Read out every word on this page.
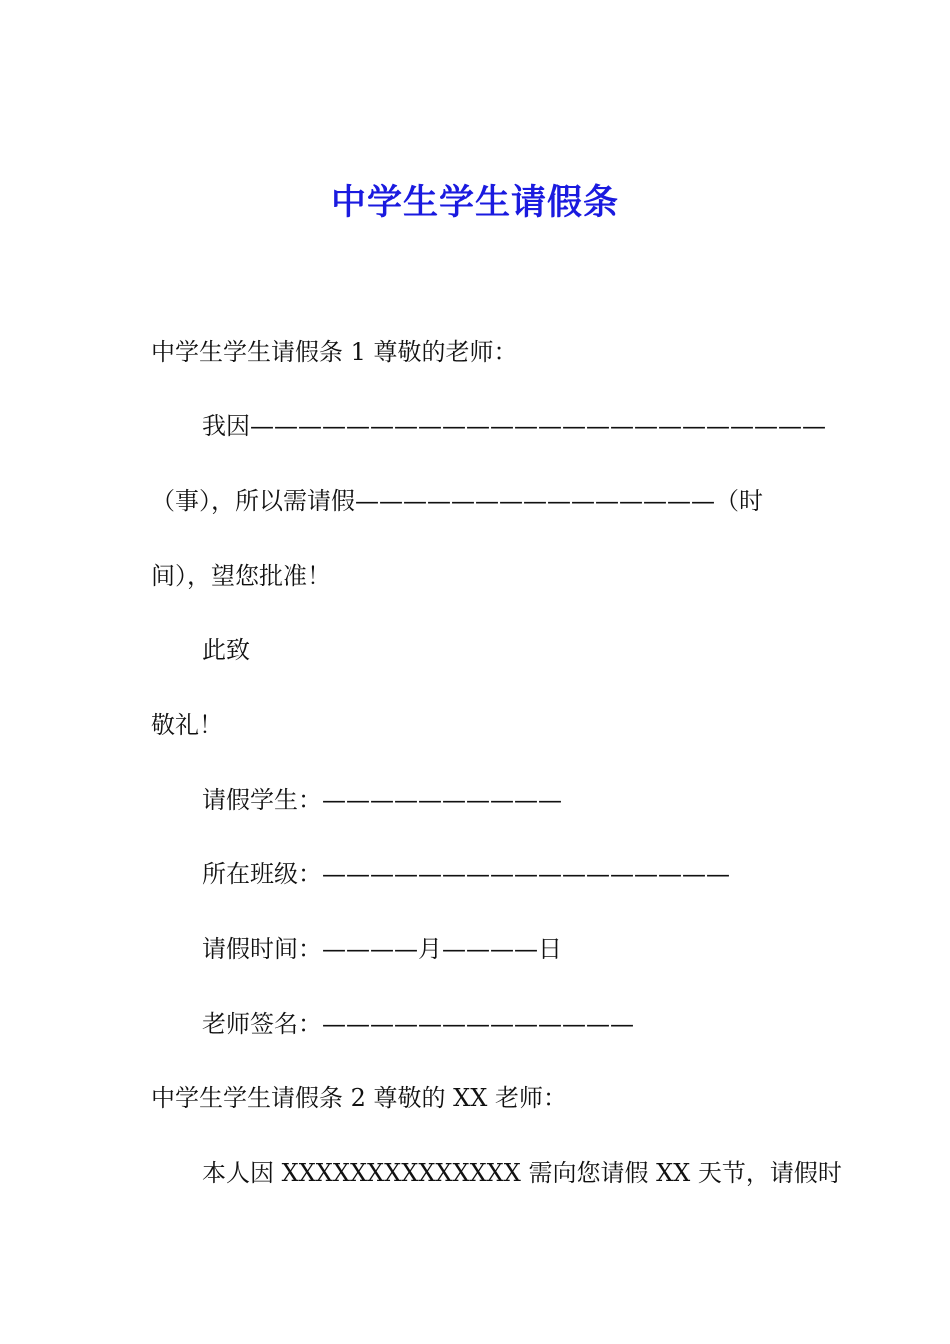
中学生学生请假条
中学生学生请假条 1 尊敬的老师：
我因————————————————————————
（事），所以需请假———————————————（时
间），望您批准！
此致
敬礼！
请假学生：——————————
所在班级：—————————————————
请假时间：————月————日
老师签名：—————————————
中学生学生请假条 2 尊敬的 XX 老师：
本人因 XXXXXXXXXXXXXX 需向您请假 XX 天节，请假时
